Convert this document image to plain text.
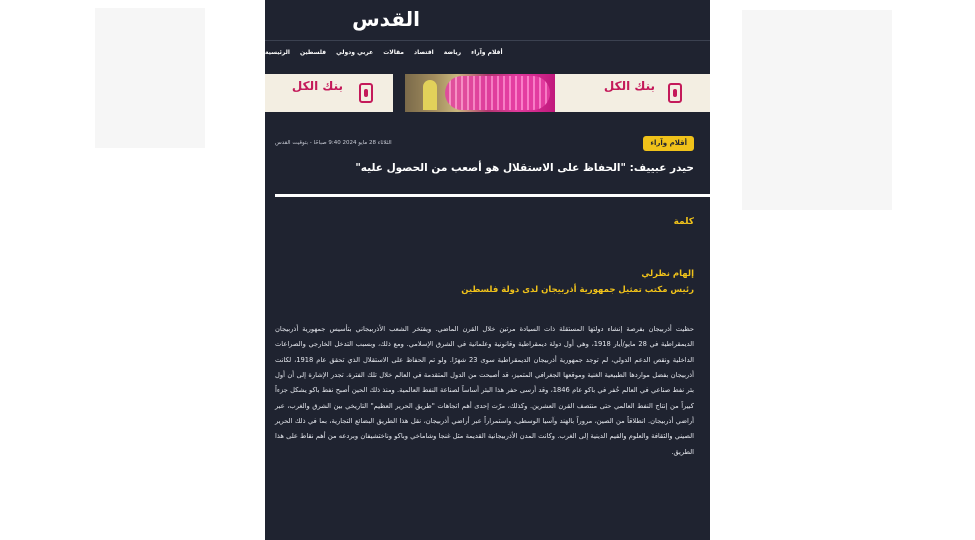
القدس
الرئيسية فلسطين عربي ودولي مقالات اقتصاد رياضة أقلام وآراء
بنك الكل	بنك الكل
أقلام وآراء
الثلاثاء 28 مايو 2024 9:40 صباحًا - بتوقيت القدس
حيدر عبييف: "الحفاظ على الاستقلال هو أصعب من الحصول عليه"
كلمة
إلهام نظرلي
رئيس مكتب تمثيل جمهورية أذربيجان لدى دولة فلسطين
حظيت أذربيجان بفرصة إنشاء دولتها المستقلة ذات السيادة مرتين خلال القرن الماضي. ويفتخر الشعب الأذربيجاني بتأسيس جمهورية أذربيجان الديمقراطية في 28 مايو/أيار 1918، وهي أول دولة ديمقراطية وقانونية وعلمانية في الشرق الإسلامي. ومع ذلك، وبسبب التدخل الخارجي والصراعات الداخلية ونقص الدعم الدولي، لم توجد جمهورية أذربيجان الديمقراطية سوى 23 شهرًا. ولو تم الحفاظ على الاستقلال الذي تحقق عام 1918، لكانت أذربيجان بفضل مواردها الطبيعية الغنية وموقعها الجغرافي المتميز، قد أصبحت من الدول المتقدمة في العالم خلال تلك الفترة. تجدر الإشارة إلى أن أول بئر نفط صناعي في العالم حُفر في باكو عام 1846، وقد أرسى حفر هذا البئر أساساً لصناعة النفط العالمية. ومنذ ذلك الحين أصبح نفط باكو يشكل جزءاً كبيراً من إنتاج النفط العالمي حتى منتصف القرن العشرين. وكذلك، مرّت إحدى أهم اتجاهات "طريق الحرير العظيم" التاريخي بين الشرق والغرب، عبر أراضي أذربيجان. انطلاقاً من الصين، مروراً بالهند وآسيا الوسطى، واستمراراً عبر أراضي أذربيجان، نقل هذا الطريق البضائع التجارية، بما في ذلك الحرير الصيني والثقافة والعلوم والقيم الدينية إلى الغرب. وكانت المدن الأذربيجانية القديمة مثل غنجا وشاماخي وباكو وناختشيفان وبردعه من أهم نقاط على هذا الطريق.
